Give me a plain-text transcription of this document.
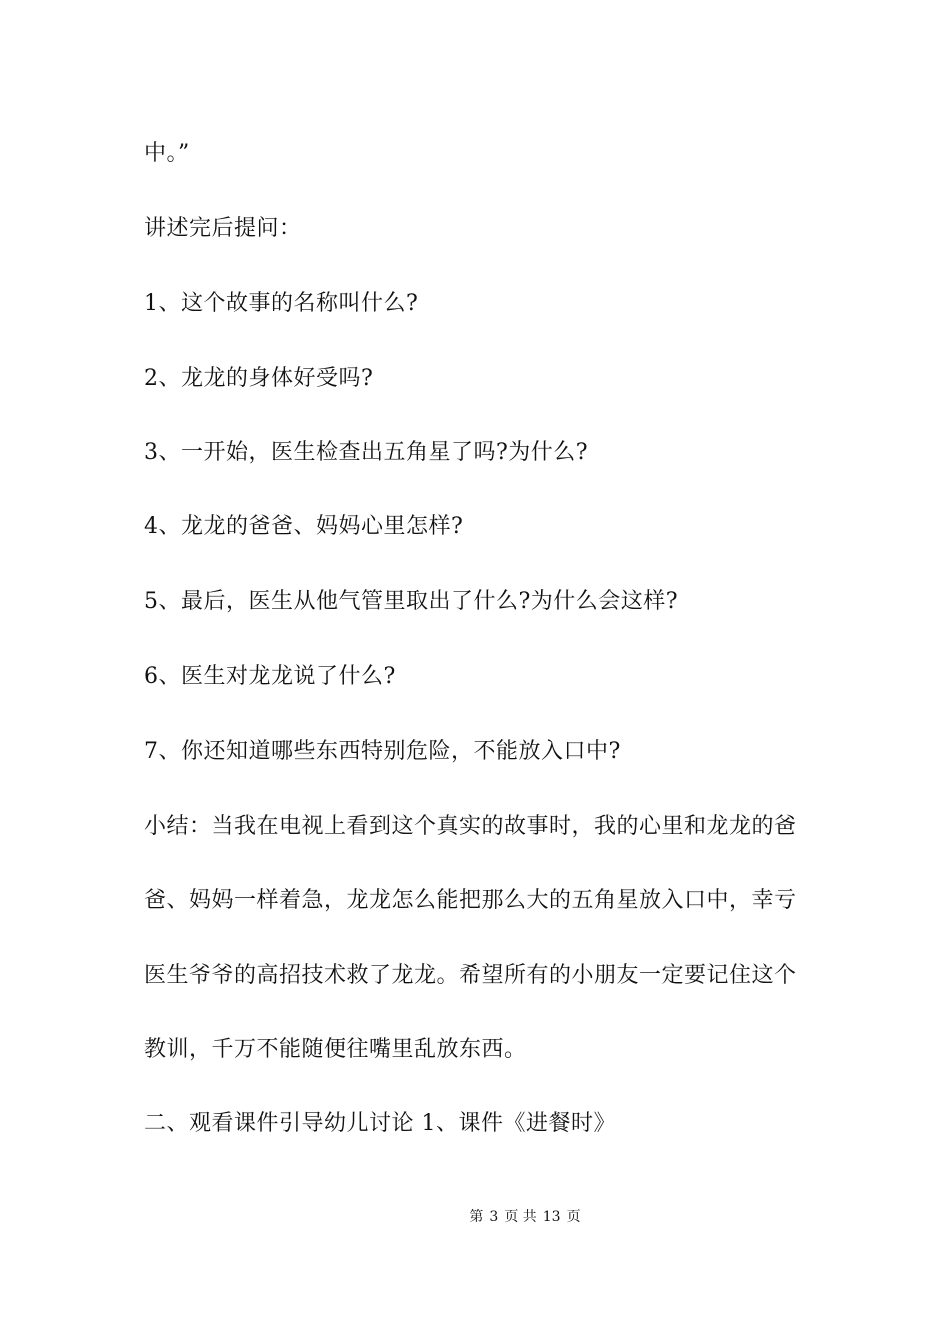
中。”

讲述完后提问：

1、这个故事的名称叫什么?

2、龙龙的身体好受吗?

3、一开始，医生检查出五角星了吗?为什么?

4、龙龙的爸爸、妈妈心里怎样?

5、最后，医生从他气管里取出了什么?为什么会这样?

6、医生对龙龙说了什么?

7、你还知道哪些东西特别危险，不能放入口中?

小结：当我在电视上看到这个真实的故事时，我的心里和龙龙的爸

爸、妈妈一样着急，龙龙怎么能把那么大的五角星放入口中，幸亏

医生爷爷的高招技术救了龙龙。希望所有的小朋友一定要记住这个

教训，千万不能随便往嘴里乱放东西。

二、观看课件引导幼儿讨论 1、课件《进餐时》

第 3 页 共 13 页
